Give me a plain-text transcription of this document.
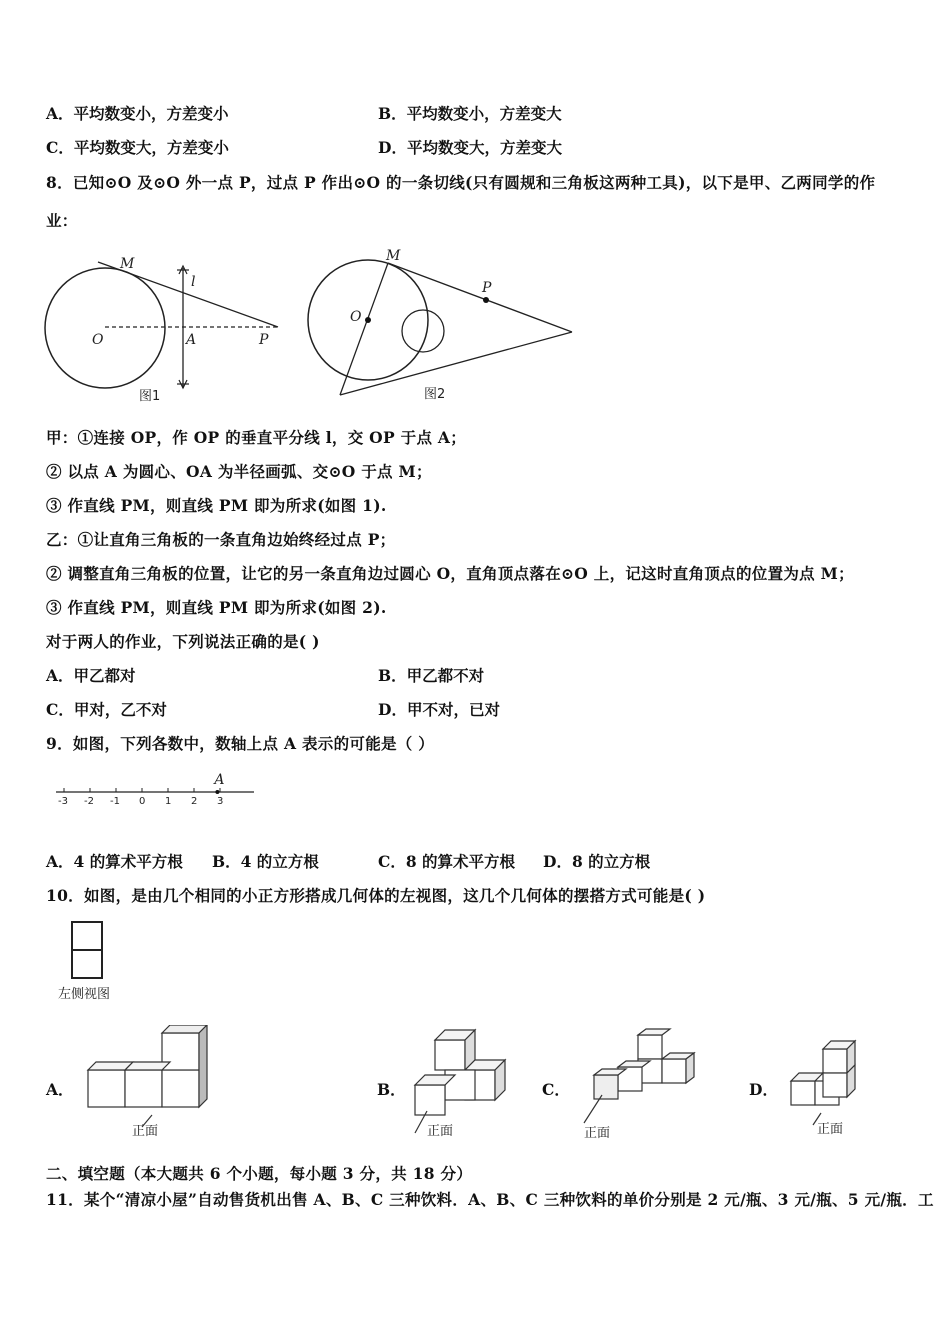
A．平均数变小，方差变小	B．平均数变小，方差变大
C．平均数变大，方差变小	D．平均数变大，方差变大
8．已知⊙O 及⊙O 外一点 P，过点 P 作出⊙O 的一条切线(只有圆规和三角板这两种工具)，以下是甲、乙两同学的作
业：
M
l
O	A	P
图1
M
P
O
图2
甲：①连接 OP，作 OP 的垂直平分线 l，交 OP 于点 A；
② 以点 A 为圆心、OA 为半径画弧、交⊙O 于点 M；
③ 作直线 PM，则直线 PM 即为所求(如图 1).
乙：①让直角三角板的一条直角边始终经过点 P；
② 调整直角三角板的位置，让它的另一条直角边过圆心 O，直角顶点落在⊙O 上，记这时直角顶点的位置为点 M；
③ 作直线 PM，则直线 PM 即为所求(如图 2).
对于两人的作业，下列说法正确的是( )
A．甲乙都对	B．甲乙都不对
C．甲对，乙不对	D．甲不对，已对
9．如图，下列各数中，数轴上点 A 表示的可能是（ ）
-3 -2 -1 0 1 2 3
A
A．4 的算术平方根 B．4 的立方根	C．8 的算术平方根 D．8 的立方根
10．如图，是由几个相同的小正方形搭成几何体的左视图，这几个几何体的摆搭方式可能是( )
左侧视图
A．
正面
B．
正面
C．
正面
D．
正面
二、填空题（本大题共 6 个小题，每小题 3 分，共 18 分）
11．某个“清凉小屋”自动售货机出售 A、B、C 三种饮料．A、B、C 三种饮料的单价分别是 2 元/瓶、3 元/瓶、5 元/瓶．工
